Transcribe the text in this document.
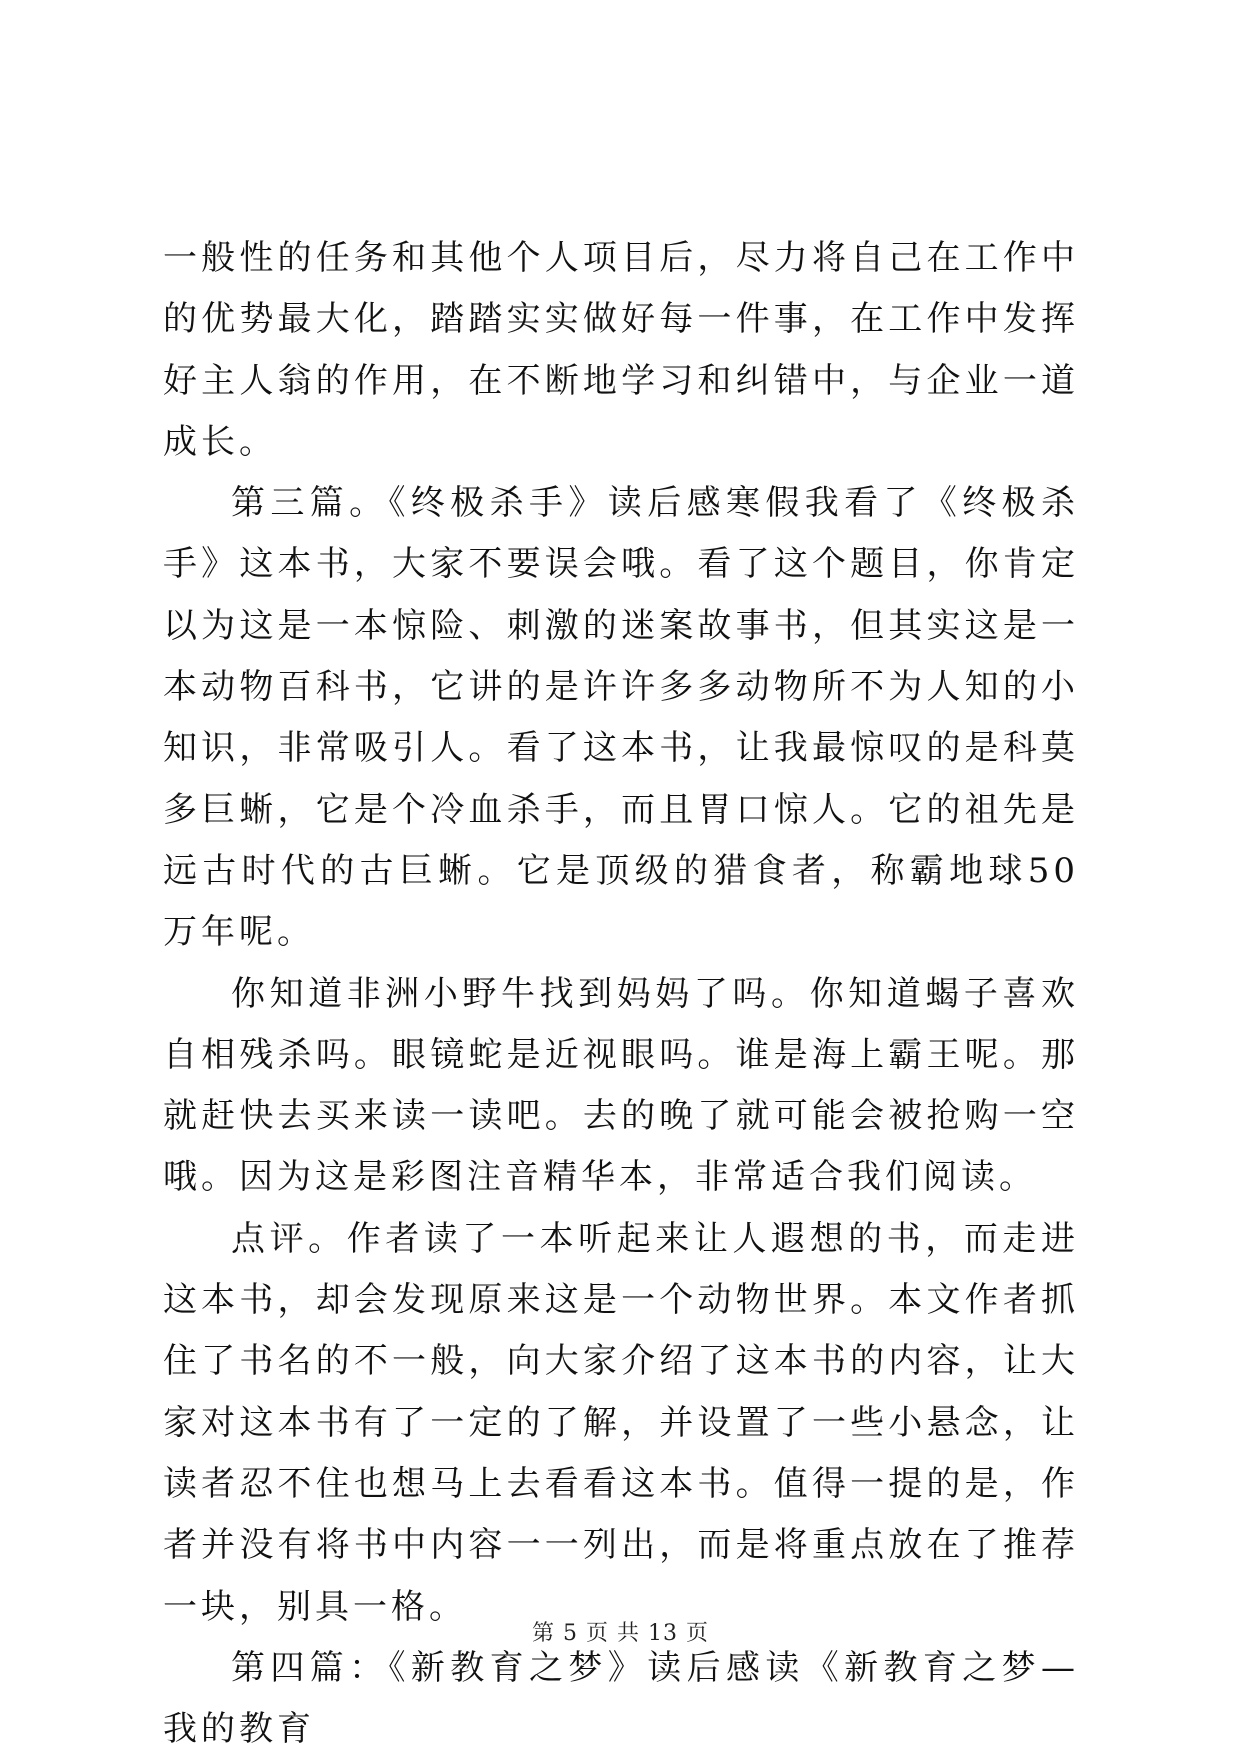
一般性的任务和其他个人项目后，尽力将自己在工作中的优势最大化，踏踏实实做好每一件事，在工作中发挥好主人翁的作用，在不断地学习和纠错中，与企业一道成长。

第三篇。《终极杀手》读后感寒假我看了《终极杀手》这本书，大家不要误会哦。看了这个题目，你肯定以为这是一本惊险、刺激的迷案故事书，但其实这是一本动物百科书，它讲的是许许多多动物所不为人知的小知识，非常吸引人。看了这本书，让我最惊叹的是科莫多巨蜥，它是个冷血杀手，而且胃口惊人。它的祖先是远古时代的古巨蜥。它是顶级的猎食者，称霸地球50万年呢。

你知道非洲小野牛找到妈妈了吗。你知道蝎子喜欢自相残杀吗。眼镜蛇是近视眼吗。谁是海上霸王呢。那就赶快去买来读一读吧。去的晚了就可能会被抢购一空哦。因为这是彩图注音精华本，非常适合我们阅读。

点评。作者读了一本听起来让人遐想的书，而走进这本书，却会发现原来这是一个动物世界。本文作者抓住了书名的不一般，向大家介绍了这本书的内容，让大家对这本书有了一定的了解，并设置了一些小悬念，让读者忍不住也想马上去看看这本书。值得一提的是，作者并没有将书中内容一一列出，而是将重点放在了推荐一块，别具一格。

第四篇：《新教育之梦》读后感读《新教育之梦—我的教育

第 5 页 共 13 页
